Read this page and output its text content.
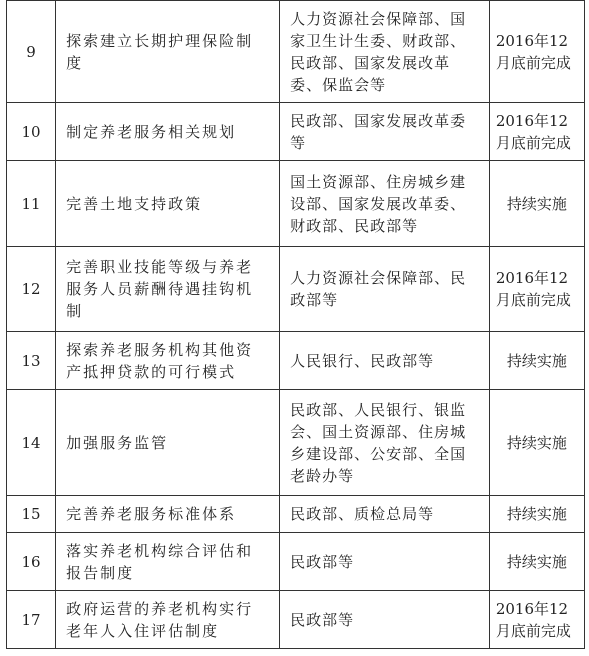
9	探索建立长期护理保险制度	人力资源社会保障部、国家卫生计生委、财政部、民政部、国家发展改革委、保监会等	2016年12月底前完成
10	制定养老服务相关规划	民政部、国家发展改革委等	2016年12月底前完成
11	完善土地支持政策	国土资源部、住房城乡建设部、国家发展改革委、财政部、民政部等	持续实施
12	完善职业技能等级与养老服务人员薪酬待遇挂钩机制	人力资源社会保障部、民政部等	2016年12月底前完成
13	探索养老服务机构其他资产抵押贷款的可行模式	人民银行、民政部等	持续实施
14	加强服务监管	民政部、人民银行、银监会、国土资源部、住房城乡建设部、公安部、全国老龄办等	持续实施
15	完善养老服务标准体系	民政部、质检总局等	持续实施
16	落实养老机构综合评估和报告制度	民政部等	持续实施
17	政府运营的养老机构实行老年人入住评估制度	民政部等	2016年12月底前完成
